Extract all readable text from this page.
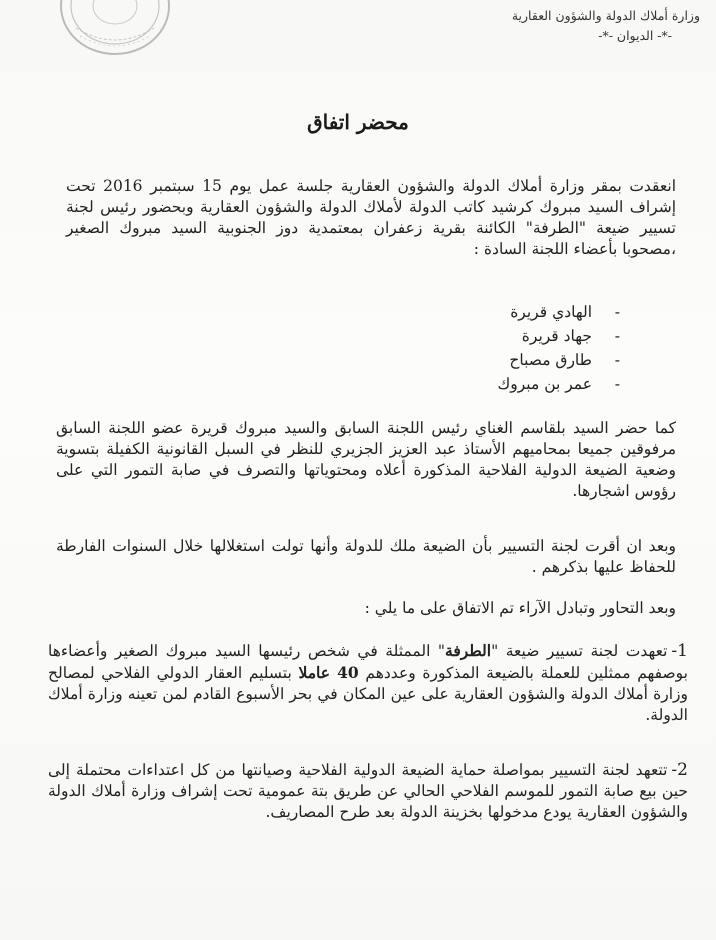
وزارة أملاك الدولة والشؤون العقارية
-*- الديوان -*-
محضر اتفاق
انعقدت بمقر وزارة أملاك الدولة والشؤون العقارية جلسة عمل يوم 15 سبتمبر 2016 تحت إشراف السيد مبروك كرشيد كاتب الدولة لأملاك الدولة والشؤون العقارية وبحضور رئيس لجنة تسيير ضيعة "الطرفة" الكائنة بقرية زعفران بمعتمدية دوز الجنوبية السيد مبروك الصغير ،مصحوبا بأعضاء اللجنة السادة :
- الهادي قريرة
- جهاد قريرة
- طارق مصباح
- عمر بن مبروك
كما حضر السيد بلقاسم الغناي رئيس اللجنة السابق والسيد مبروك قريرة عضو اللجنة السابق مرفوقين جميعا بمحاميهم الأستاذ عبد العزيز الجزيري للنظر في السبل القانونية الكفيلة بتسوية وضعية الضيعة الدولية الفلاحية المذكورة أعلاه ومحتوياتها والتصرف في صابة التمور التي على رؤوس اشجارها.
وبعد ان أقرت لجنة التسيير بأن الضيعة ملك للدولة وأنها تولت استغلالها خلال السنوات الفارطة للحفاظ عليها بذكرهم .
وبعد التحاور وتبادل الآراء تم الاتفاق على ما يلي :
1-تعهدت لجنة تسيير ضيعة "الطرفة" الممثلة في شخص رئيسها السيد مبروك الصغير وأعضاءها بوصفهم ممثلين للعملة بالضيعة المذكورة وعددهم 40 عاملا بتسليم العقار الدولي الفلاحي لمصالح وزارة أملاك الدولة والشؤون العقارية على عين المكان في بحر الأسبوع القادم لمن تعينه وزارة أملاك الدولة.
2-تتعهد لجنة التسيير بمواصلة حماية الضيعة الدولية الفلاحية وصيانتها من كل اعتداءات محتملة إلى حين بيع صابة التمور للموسم الفلاحي الحالي عن طريق بتة عمومية تحت إشراف وزارة أملاك الدولة والشؤون العقارية يودع مدخولها بخزينة الدولة بعد طرح المصاريف.
